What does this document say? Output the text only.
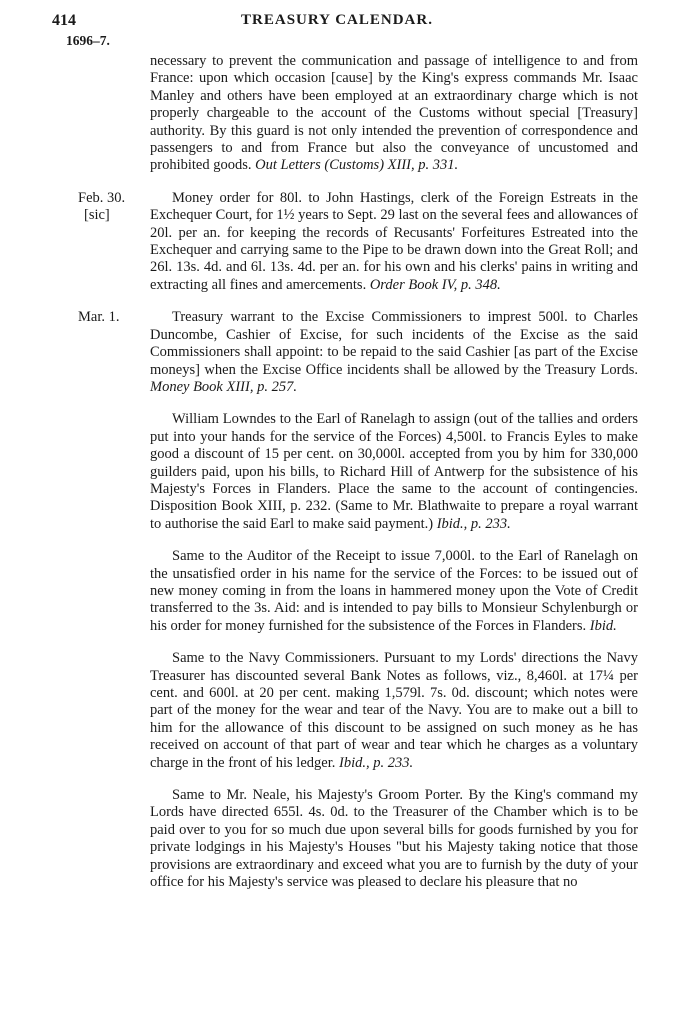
414	TREASURY CALENDAR.
1696–7.

necessary to prevent the communication and passage of intelligence to and from France: upon which occasion [cause] by the King's express commands Mr. Isaac Manley and others have been employed at an extraordinary charge which is not properly chargeable to the account of the Customs without special [Treasury] authority. By this guard is not only intended the prevention of correspondence and passengers to and from France but also the conveyance of uncustomed and prohibited goods. Out Letters (Customs) XIII, p. 331.

Feb. 30.
[sic]

Money order for 80l. to John Hastings, clerk of the Foreign Estreats in the Exchequer Court, for 1½ years to Sept. 29 last on the several fees and allowances of 20l. per an. for keeping the records of Recusants' Forfeitures Estreated into the Exchequer and carrying same to the Pipe to be drawn down into the Great Roll; and 26l. 13s. 4d. and 6l. 13s. 4d. per an. for his own and his clerks' pains in writing and extracting all fines and amercements. Order Book IV, p. 348.

Mar. 1.	Treasury warrant to the Excise Commissioners to imprest 500l. to Charles Duncombe, Cashier of Excise, for such incidents of the Excise as the said Commissioners shall appoint: to be repaid to the said Cashier [as part of the Excise moneys] when the Excise Office incidents shall be allowed by the Treasury Lords. Money Book XIII, p. 257.

William Lowndes to the Earl of Ranelagh to assign (out of the tallies and orders put into your hands for the service of the Forces) 4,500l. to Francis Eyles to make good a discount of 15 per cent. on 30,000l. accepted from you by him for 330,000 guilders paid, upon his bills, to Richard Hill of Antwerp for the subsistence of his Majesty's Forces in Flanders. Place the same to the account of contingencies. Disposition Book XIII, p. 232. (Same to Mr. Blathwaite to prepare a royal warrant to authorise the said Earl to make said payment.) Ibid., p. 233.

Same to the Auditor of the Receipt to issue 7,000l. to the Earl of Ranelagh on the unsatisfied order in his name for the service of the Forces: to be issued out of new money coming in from the loans in hammered money upon the Vote of Credit transferred to the 3s. Aid: and is intended to pay bills to Monsieur Schylenburgh or his order for money furnished for the subsistence of the Forces in Flanders. Ibid.

Same to the Navy Commissioners. Pursuant to my Lords' directions the Navy Treasurer has discounted several Bank Notes as follows, viz., 8,460l. at 17¼ per cent. and 600l. at 20 per cent. making 1,579l. 7s. 0d. discount; which notes were part of the money for the wear and tear of the Navy. You are to make out a bill to him for the allowance of this discount to be assigned on such money as he has received on account of that part of wear and tear which he charges as a voluntary charge in the front of his ledger. Ibid., p. 233.

Same to Mr. Neale, his Majesty's Groom Porter. By the King's command my Lords have directed 655l. 4s. 0d. to the Treasurer of the Chamber which is to be paid over to you for so much due upon several bills for goods furnished by you for private lodgings in his Majesty's Houses "but his Majesty taking notice that those provisions are extraordinary and exceed what you are to furnish by the duty of your office for his Majesty's service was pleased to declare his pleasure that no
